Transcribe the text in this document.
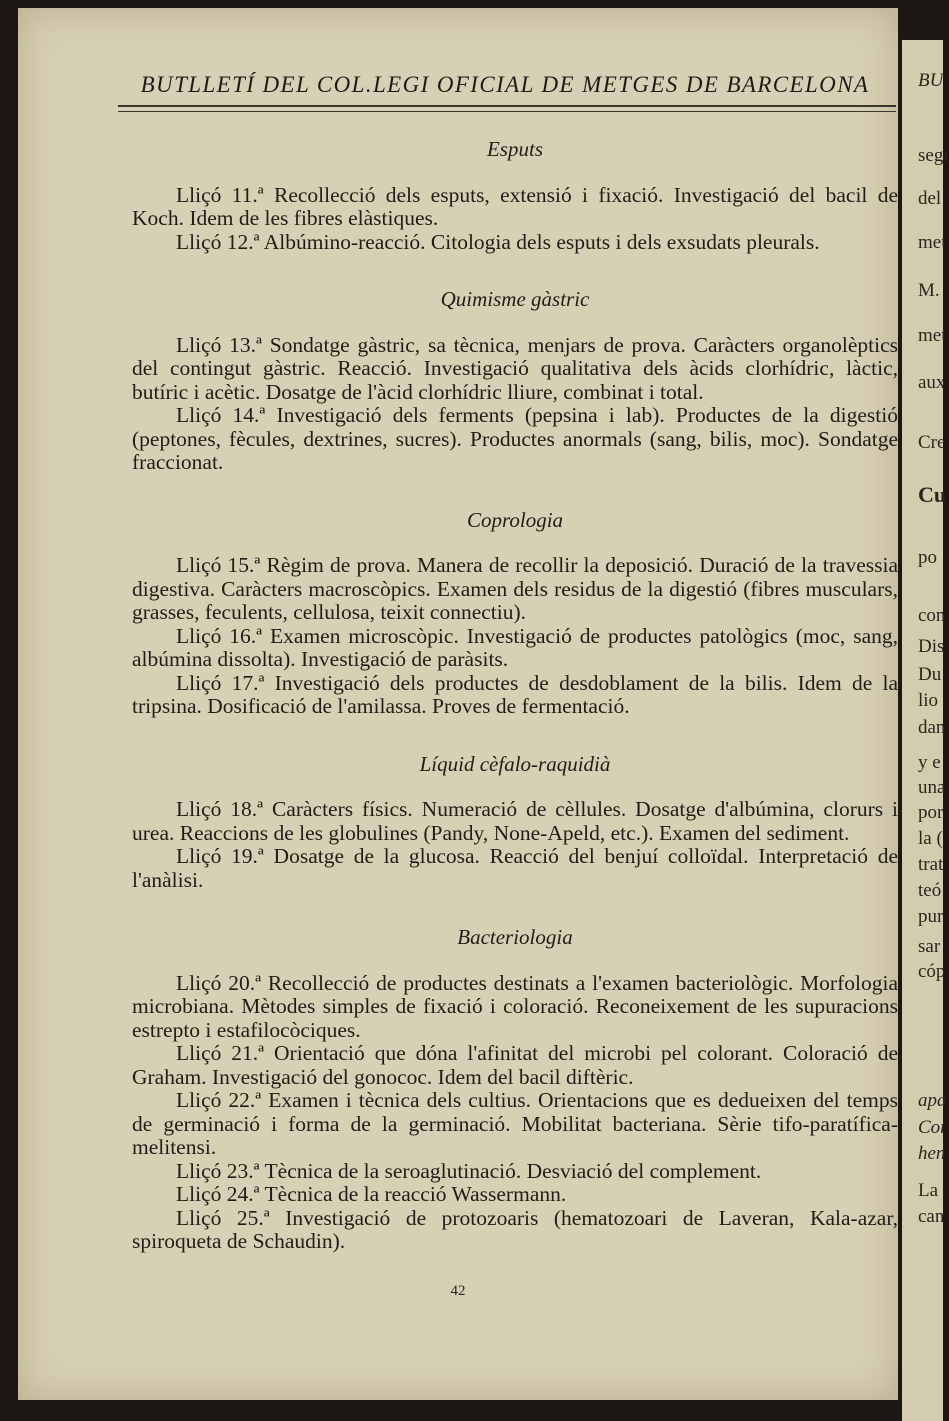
BU
segi
del
met
M.
met
aux
Cre
Cu
po
con
Dis
Du
lio
dan
y e
una
por
la (
trat
teó
pur
sar
cóp
apa
Cor
hen
La
can
BUTLLETÍ DEL COL.LEGI OFICIAL DE METGES DE BARCELONA
Esputs

Lliçó 11.ª Recollecció dels esputs, extensió i fixació. Investigació del bacil de Koch. Idem de les fibres elàstiques.

Lliçó 12.ª Albúmino-reacció. Citologia dels esputs i dels exsudats pleurals.

Quimisme gàstric

Lliçó 13.ª Sondatge gàstric, sa tècnica, menjars de prova. Caràcters organolèptics del contingut gàstric. Reacció. Investigació qualitativa dels àcids clorhídric, làctic, butíric i acètic. Dosatge de l'àcid clorhídric lliure, combinat i total.

Lliçó 14.ª Investigació dels ferments (pepsina i lab). Productes de la digestió (peptones, fècules, dextrines, sucres). Productes anormals (sang, bilis, moc). Sondatge fraccionat.

Coprologia

Lliçó 15.ª Règim de prova. Manera de recollir la deposició. Duració de la travessia digestiva. Caràcters macroscòpics. Examen dels residus de la digestió (fibres musculars, grasses, feculents, cellulosa, teixit connectiu).

Lliçó 16.ª Examen microscòpic. Investigació de productes patològics (moc, sang, albúmina dissolta). Investigació de paràsits.

Lliçó 17.ª Investigació dels productes de desdoblament de la bilis. Idem de la tripsina. Dosificació de l'amilassa. Proves de fermentació.

Líquid cèfalo-raquidià

Lliçó 18.ª Caràcters físics. Numeració de cèllules. Dosatge d'albúmina, clorurs i urea. Reaccions de les globulines (Pandy, None-Apeld, etc.). Examen del sediment.

Lliçó 19.ª Dosatge de la glucosa. Reacció del benjuí colloïdal. Interpretació de l'anàlisi.

Bacteriologia

Lliçó 20.ª Recollecció de productes destinats a l'examen bacteriològic. Morfologia microbiana. Mètodes simples de fixació i coloració. Reconeixement de les supuracions estrepto i estafilocòciques.

Lliçó 21.ª Orientació que dóna l'afinitat del microbi pel colorant. Coloració de Graham. Investigació del gonococ. Idem del bacil diftèric.

Lliçó 22.ª Examen i tècnica dels cultius. Orientacions que es dedueixen del temps de germinació i forma de la germinació. Mobilitat bacteriana. Sèrie tifo-paratífica-melitensi.

Lliçó 23.ª Tècnica de la seroaglutinació. Desviació del complement.

Lliçó 24.ª Tècnica de la reacció Wassermann.

Lliçó 25.ª Investigació de protozoaris (hematozoari de Laveran, Kala-azar, spiroqueta de Schaudin).

42
